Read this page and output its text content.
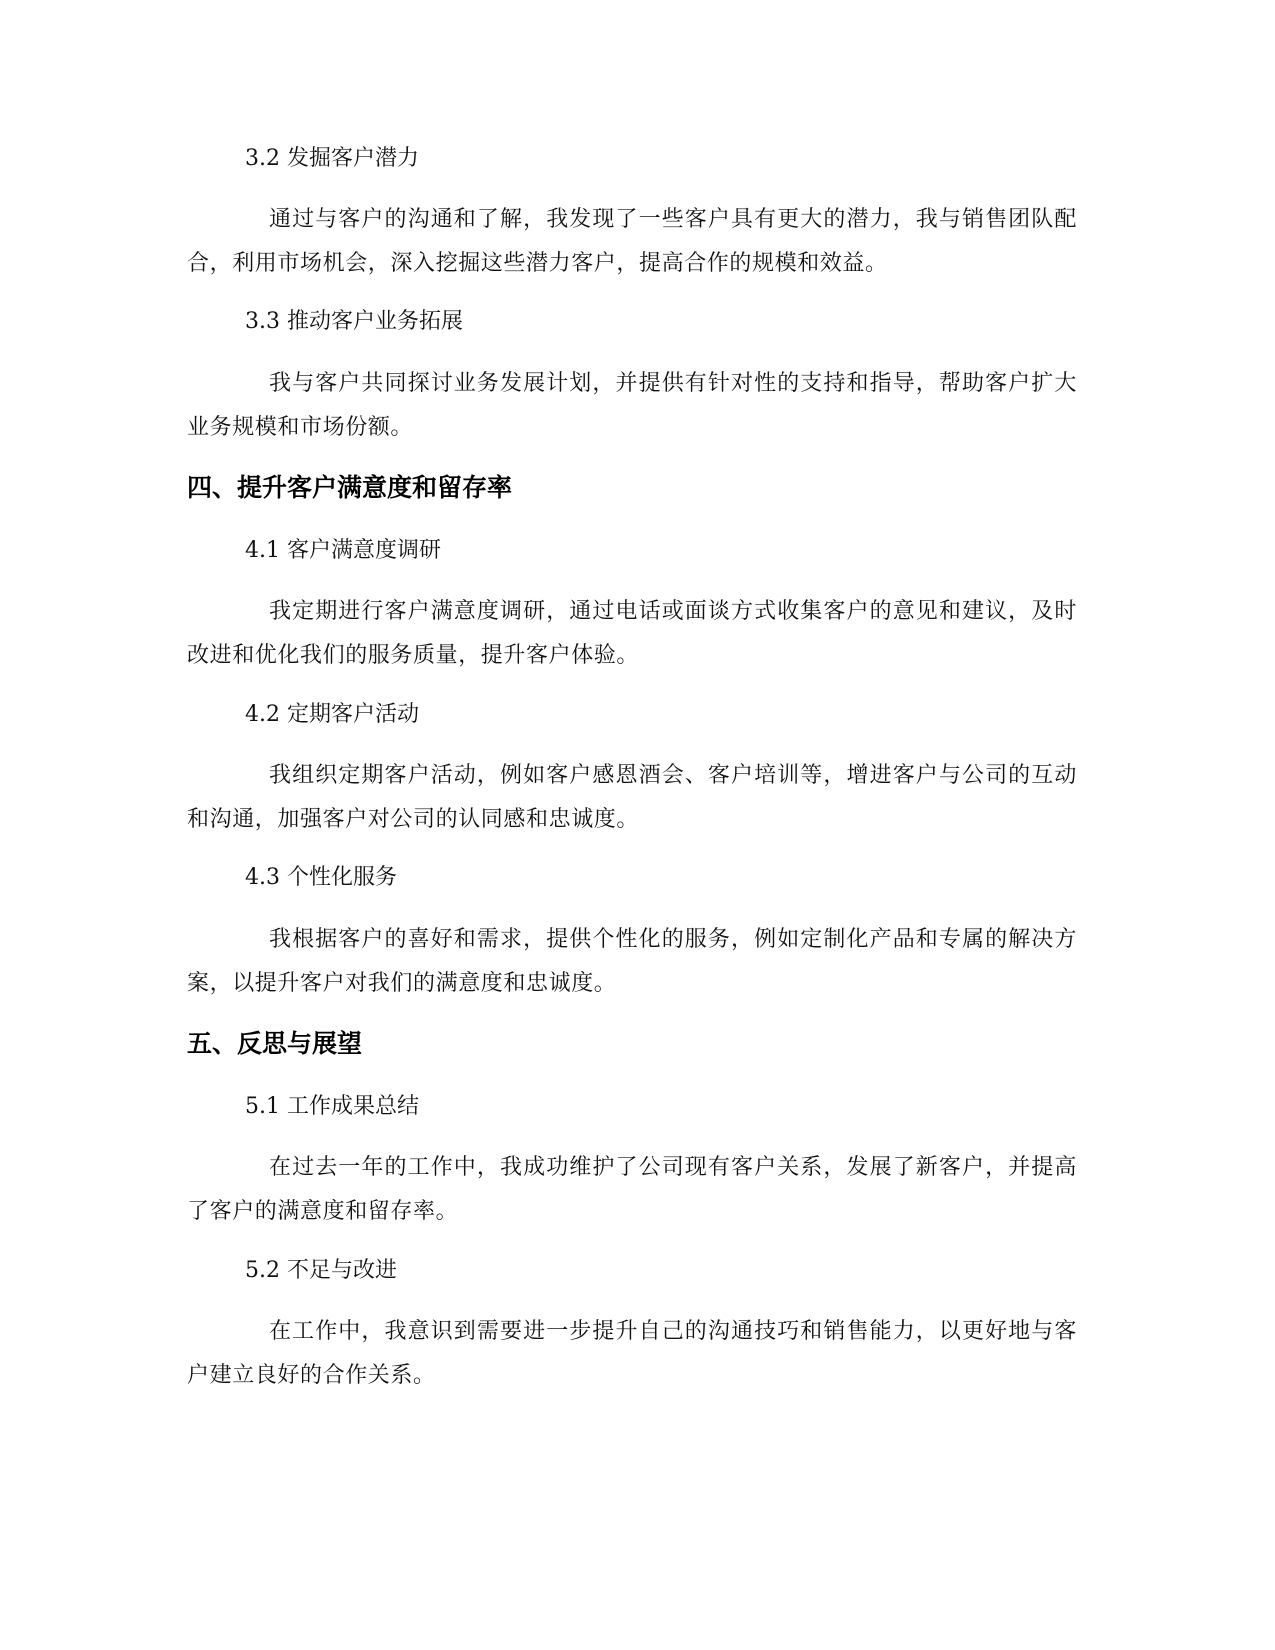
3.2 发掘客户潜力

通过与客户的沟通和了解，我发现了一些客户具有更大的潜力，我与销售团队配合，利用市场机会，深入挖掘这些潜力客户，提高合作的规模和效益。

3.3 推动客户业务拓展

我与客户共同探讨业务发展计划，并提供有针对性的支持和指导，帮助客户扩大业务规模和市场份额。

四、提升客户满意度和留存率
4.1 客户满意度调研

我定期进行客户满意度调研，通过电话或面谈方式收集客户的意见和建议，及时改进和优化我们的服务质量，提升客户体验。

4.2 定期客户活动

我组织定期客户活动，例如客户感恩酒会、客户培训等，增进客户与公司的互动和沟通，加强客户对公司的认同感和忠诚度。

4.3 个性化服务

我根据客户的喜好和需求，提供个性化的服务，例如定制化产品和专属的解决方案，以提升客户对我们的满意度和忠诚度。

五、反思与展望
5.1 工作成果总结

在过去一年的工作中，我成功维护了公司现有客户关系，发展了新客户，并提高了客户的满意度和留存率。

5.2 不足与改进

在工作中，我意识到需要进一步提升自己的沟通技巧和销售能力，以更好地与客户建立良好的合作关系。
